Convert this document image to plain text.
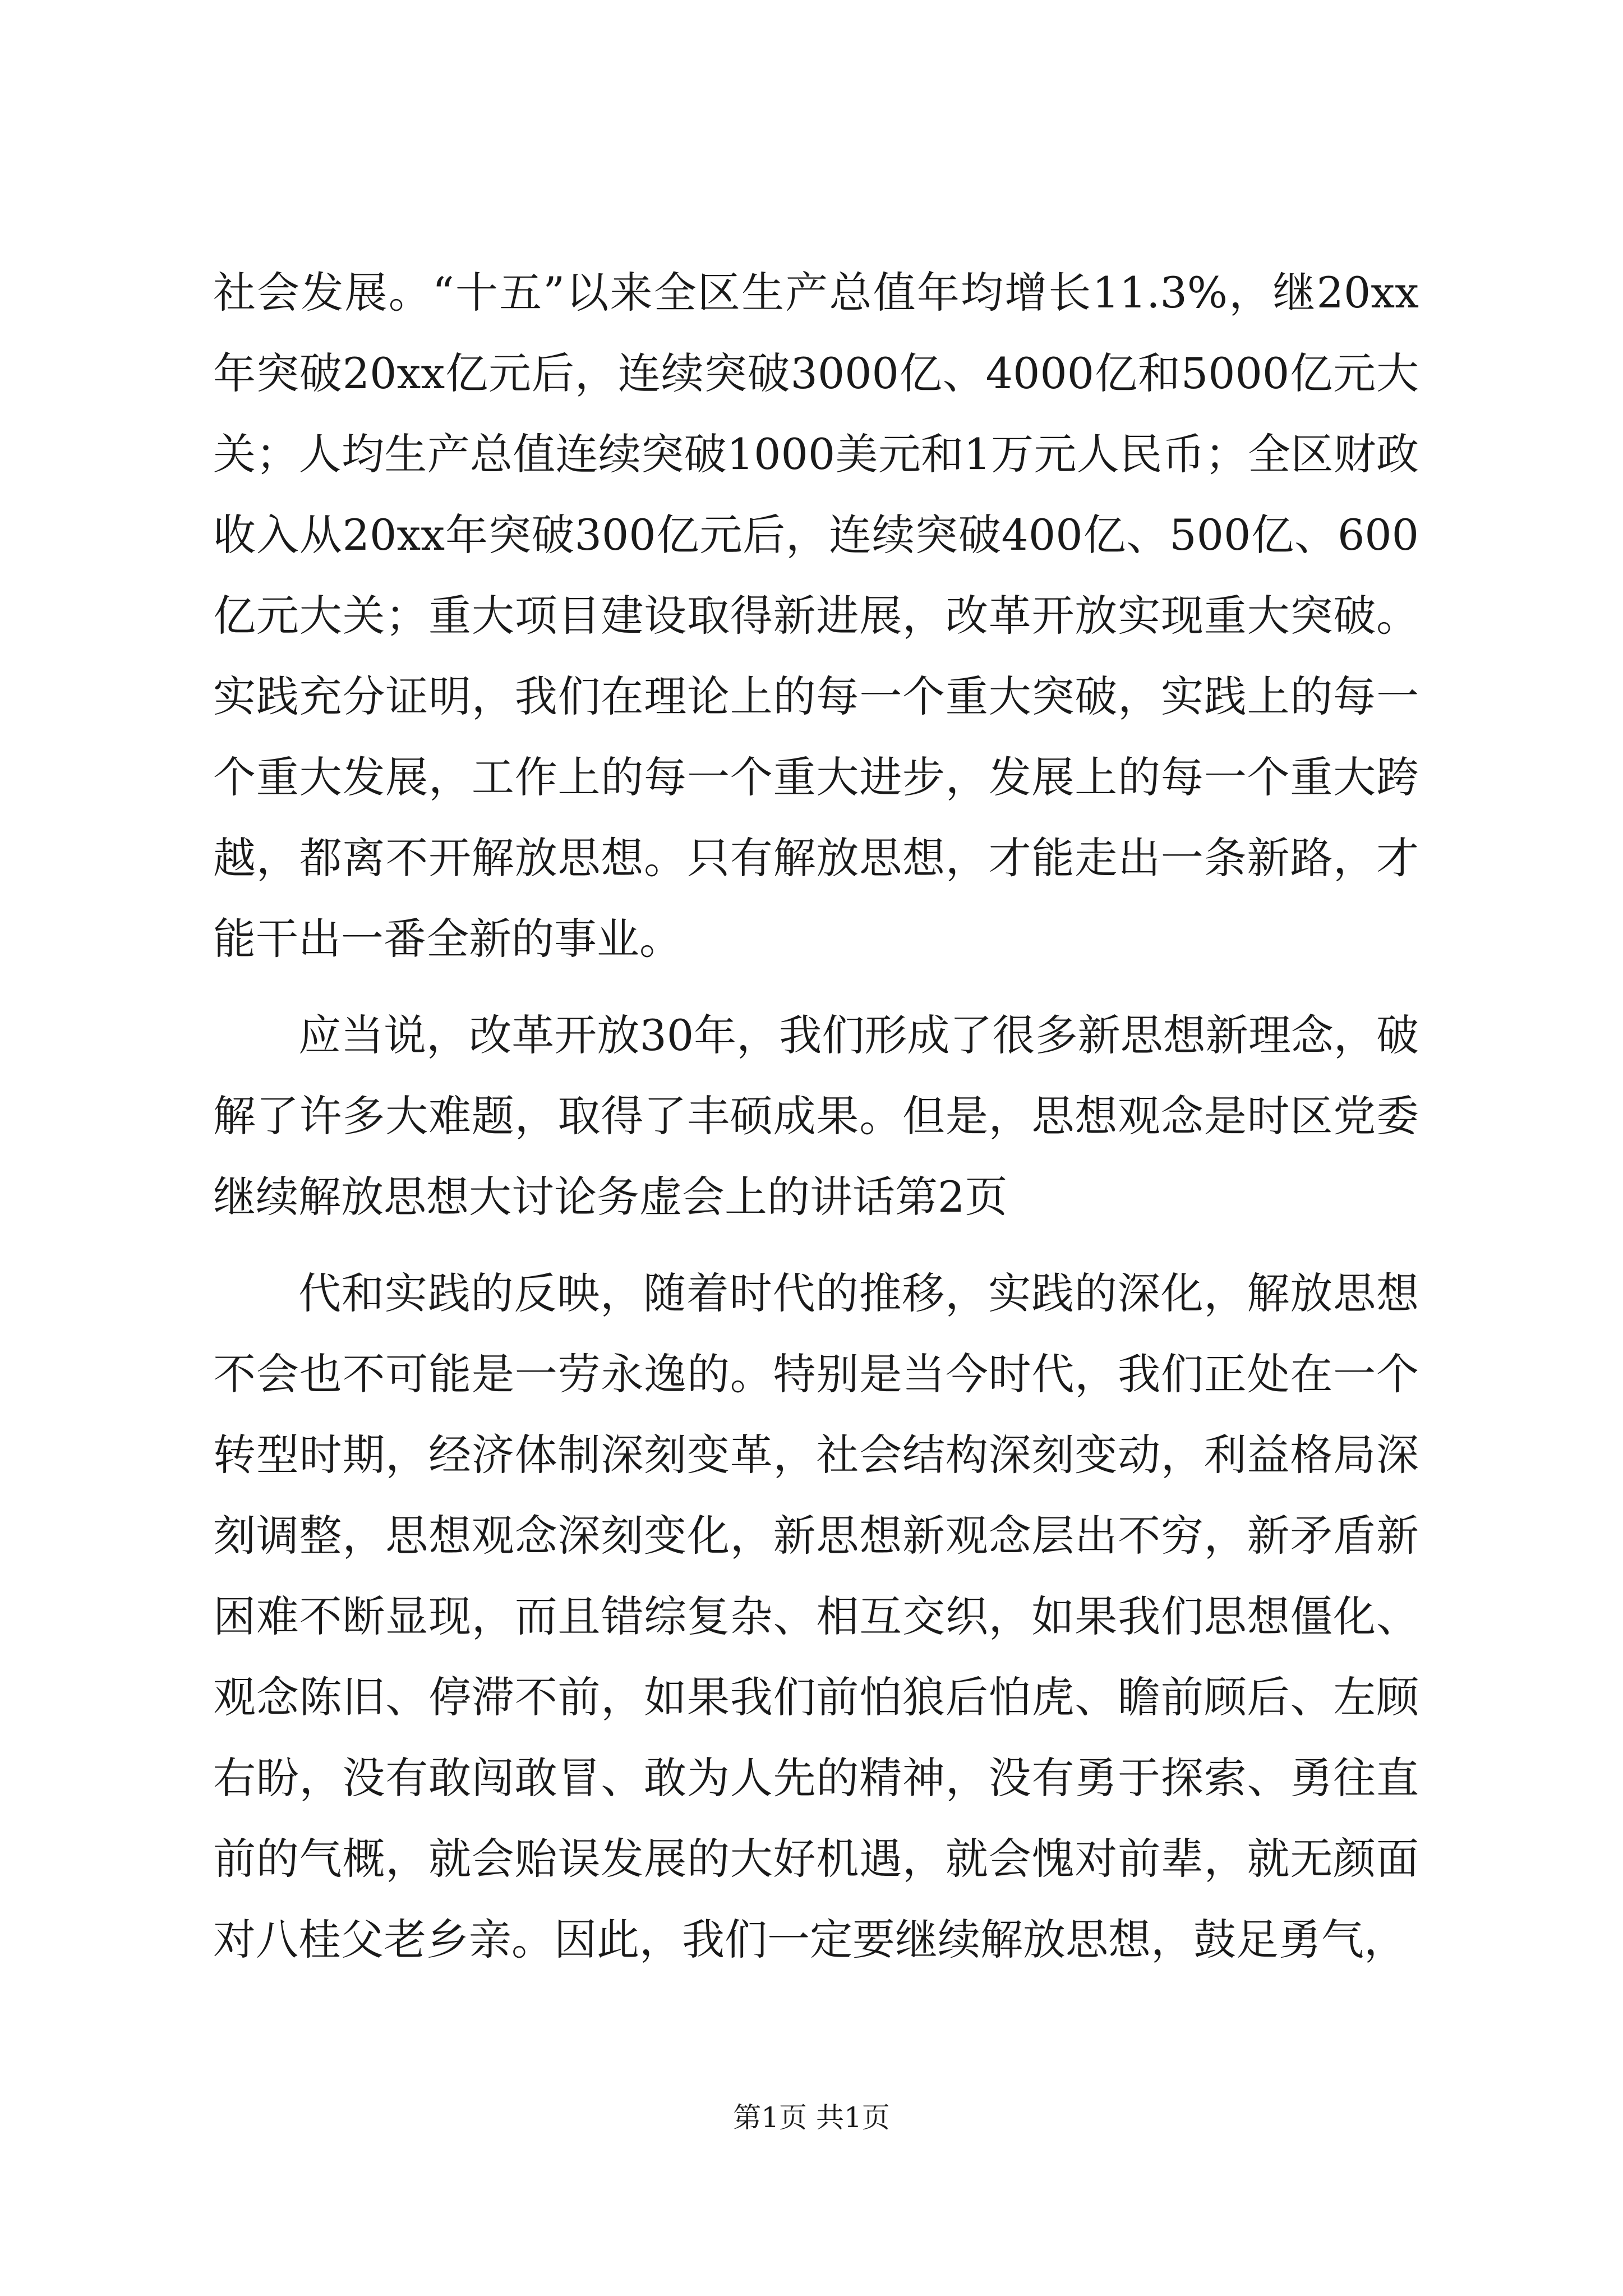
社会发展。“十五”以来全区生产总值年均增长11.3%，继20xx年突破20xx亿元后，连续突破3000亿、4000亿和5000亿元大关；人均生产总值连续突破1000美元和1万元人民币；全区财政收入从20xx年突破300亿元后，连续突破400亿、500亿、600亿元大关；重大项目建设取得新进展，改革开放实现重大突破。实践充分证明，我们在理论上的每一个重大突破，实践上的每一个重大发展，工作上的每一个重大进步，发展上的每一个重大跨越，都离不开解放思想。只有解放思想，才能走出一条新路，才能干出一番全新的事业。

应当说，改革开放30年，我们形成了很多新思想新理念，破解了许多大难题，取得了丰硕成果。但是，思想观念是时区党委继续解放思想大讨论务虚会上的讲话第2页

代和实践的反映，随着时代的推移，实践的深化，解放思想不会也不可能是一劳永逸的。特别是当今时代，我们正处在一个转型时期，经济体制深刻变革，社会结构深刻变动，利益格局深刻调整，思想观念深刻变化，新思想新观念层出不穷，新矛盾新困难不断显现，而且错综复杂、相互交织，如果我们思想僵化、观念陈旧、停滞不前，如果我们前怕狼后怕虎、瞻前顾后、左顾右盼，没有敢闯敢冒、敢为人先的精神，没有勇于探索、勇往直前的气概，就会贻误发展的大好机遇，就会愧对前辈，就无颜面对八桂父老乡亲。因此，我们一定要继续解放思想，鼓足勇气，

第1页 共1页
